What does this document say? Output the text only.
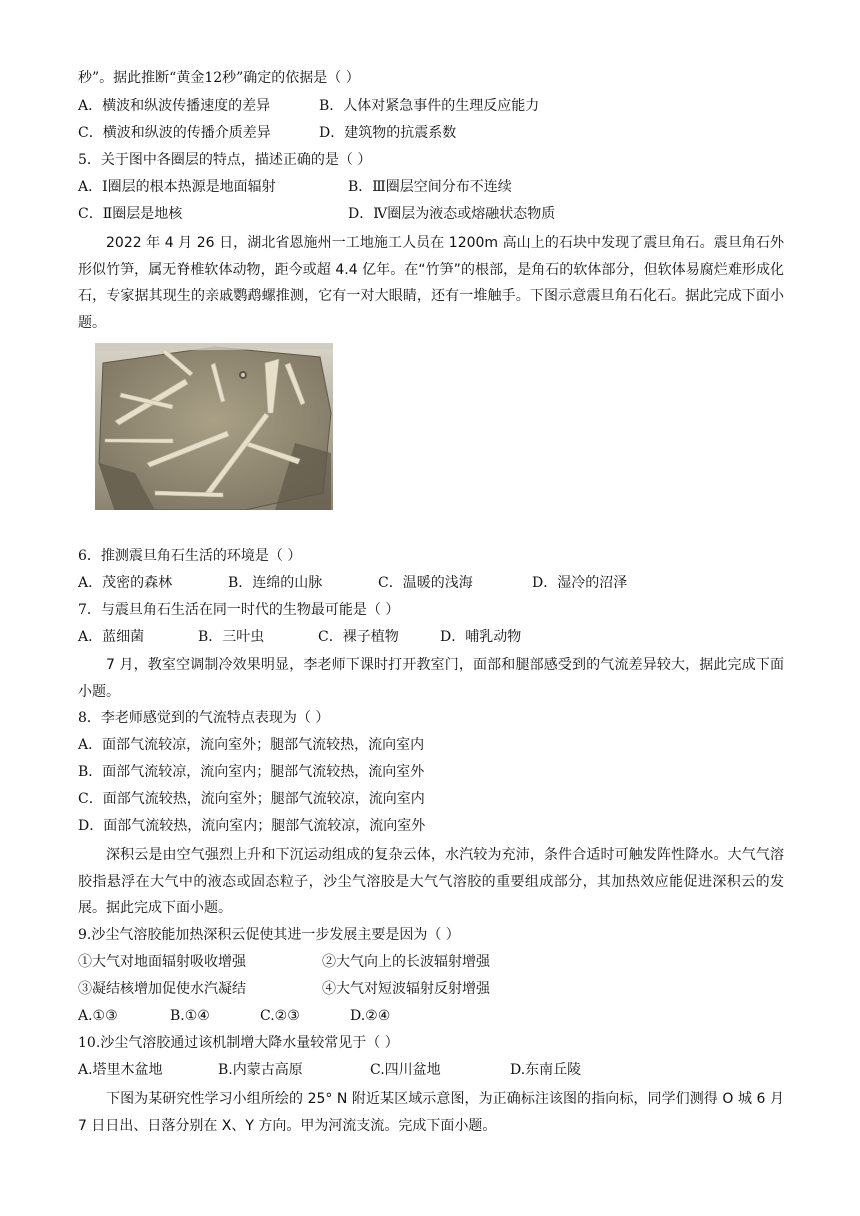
秒”。据此推断“黄金12秒”确定的依据是（ ）
A．横波和纵波传播速度的差异	B．人体对紧急事件的生理反应能力
C．横波和纵波的传播介质差异	D．建筑物的抗震系数
5．关于图中各圈层的特点，描述正确的是（ ）
A．Ⅰ圈层的根本热源是地面辐射	B．Ⅲ圈层空间分布不连续
C．Ⅱ圈层是地核	D．Ⅳ圈层为液态或熔融状态物质
2022 年 4 月 26 日，湖北省恩施州一工地施工人员在 1200m 高山上的石块中发现了震旦角石。震旦角石外形似竹笋，属无脊椎软体动物，距今或超 4.4 亿年。在“竹笋”的根部，是角石的软体部分，但软体易腐烂难形成化石，专家据其现生的亲戚鹦鹉螺推测，它有一对大眼睛，还有一堆触手。下图示意震旦角石化石。据此完成下面小题。
6．推测震旦角石生活的环境是（ ）
A．茂密的森林	B．连绵的山脉	C．温暖的浅海	D．湿冷的沼泽
7．与震旦角石生活在同一时代的生物最可能是（ ）
A．蓝细菌	B．三叶虫	C．裸子植物	D．哺乳动物
7 月，教室空调制冷效果明显，李老师下课时打开教室门，面部和腿部感受到的气流差异较大，据此完成下面小题。
8．李老师感觉到的气流特点表现为（ ）
A．面部气流较凉，流向室外；腿部气流较热，流向室内
B．面部气流较凉，流向室内；腿部气流较热，流向室外
C．面部气流较热，流向室外；腿部气流较凉，流向室内
D．面部气流较热，流向室内；腿部气流较凉，流向室外
深积云是由空气强烈上升和下沉运动组成的复杂云体，水汽较为充沛，条件合适时可触发阵性降水。大气气溶胶指悬浮在大气中的液态或固态粒子，沙尘气溶胶是大气气溶胶的重要组成部分，其加热效应能促进深积云的发展。据此完成下面小题。
9.沙尘气溶胶能加热深积云促使其进一步发展主要是因为（ ）
①大气对地面辐射吸收增强	②大气向上的长波辐射增强
③凝结核增加促使水汽凝结	④大气对短波辐射反射增强
A.①③	B.①④	C.②③	D.②④
10.沙尘气溶胶通过该机制增大降水量较常见于（ ）
A.塔里木盆地	B.内蒙古高原	C.四川盆地	D.东南丘陵
下图为某研究性学习小组所绘的 25° N 附近某区域示意图，为正确标注该图的指向标，同学们测得 O 城 6 月 7 日日出、日落分别在 X、Y 方向。甲为河流支流。完成下面小题。
